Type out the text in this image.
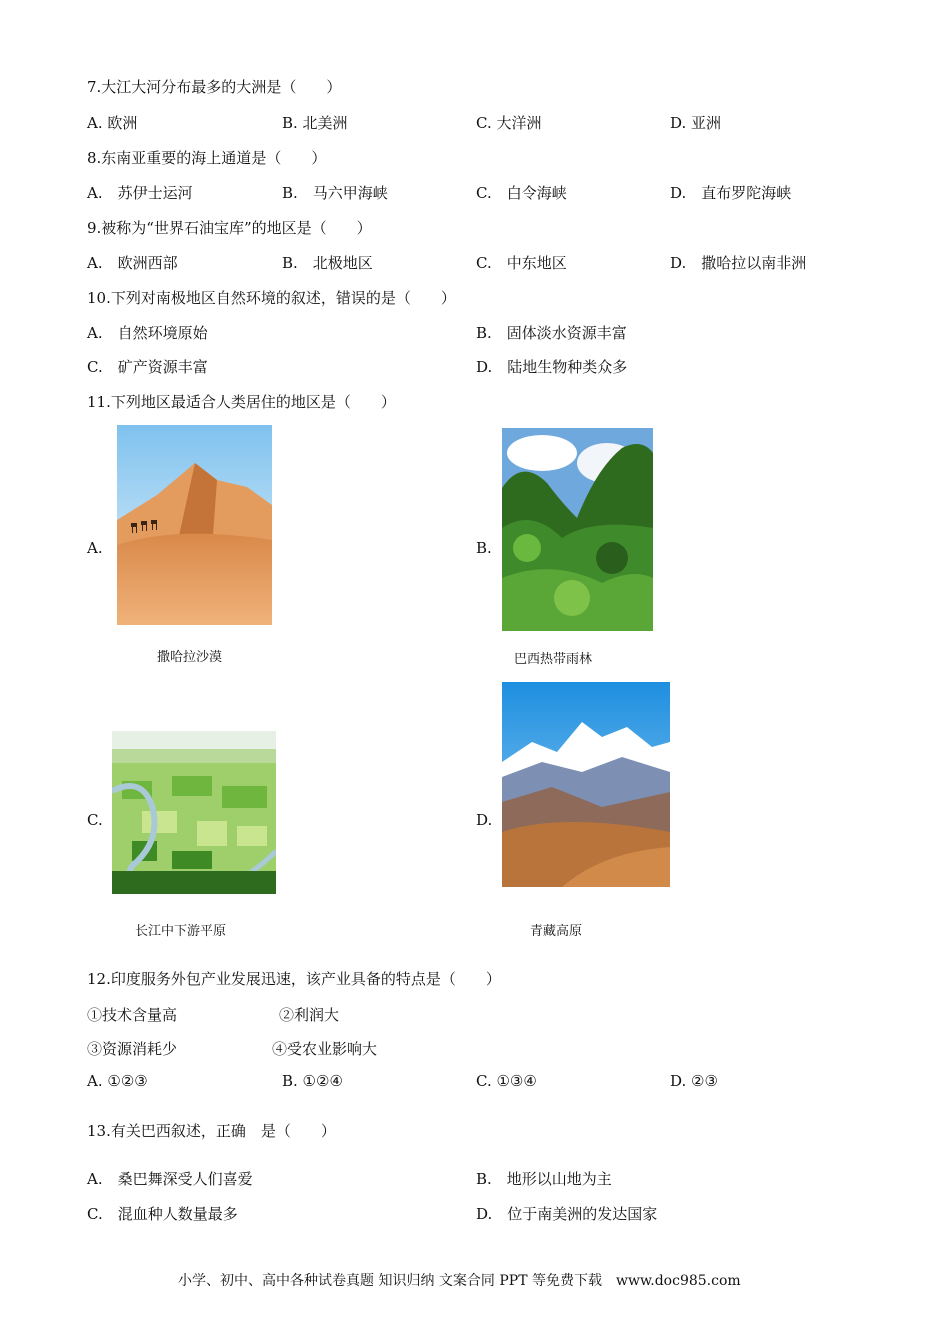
7.大江大河分布最多的大洲是（　　）
A. 欧洲	B. 北美洲	C. 大洋洲	D. 亚洲
8.东南亚重要的海上通道是（　　）
A.　苏伊士运河	B.　马六甲海峡	C.　白令海峡	D.　直布罗陀海峡
9.被称为“世界石油宝库”的地区是（　　）
A.　欧洲西部	B.　北极地区	C.　中东地区	D.　撒哈拉以南非洲
10.下列对南极地区自然环境的叙述，错误的是（　　）
A.　自然环境原始	B.　固体淡水资源丰富
C.　矿产资源丰富	D.　陆地生物种类众多
11.下列地区最适合人类居住的地区是（　　）
A.
撒哈拉沙漠
B.
巴西热带雨林
C.
长江中下游平原
D.
青藏高原
12.印度服务外包产业发展迅速，该产业具备的特点是（　　）
①技术含量高	②利润大
③资源消耗少	④受农业影响大
A. ①②③	B. ①②④	C. ①③④	D. ②③
13.有关巴西叙述，正确　是（　　）
A.　桑巴舞深受人们喜爱	B.　地形以山地为主
C.　混血种人数量最多	D.　位于南美洲的发达国家
小学、初中、高中各种试卷真题 知识归纳 文案合同 PPT 等免费下载　www.doc985.com
